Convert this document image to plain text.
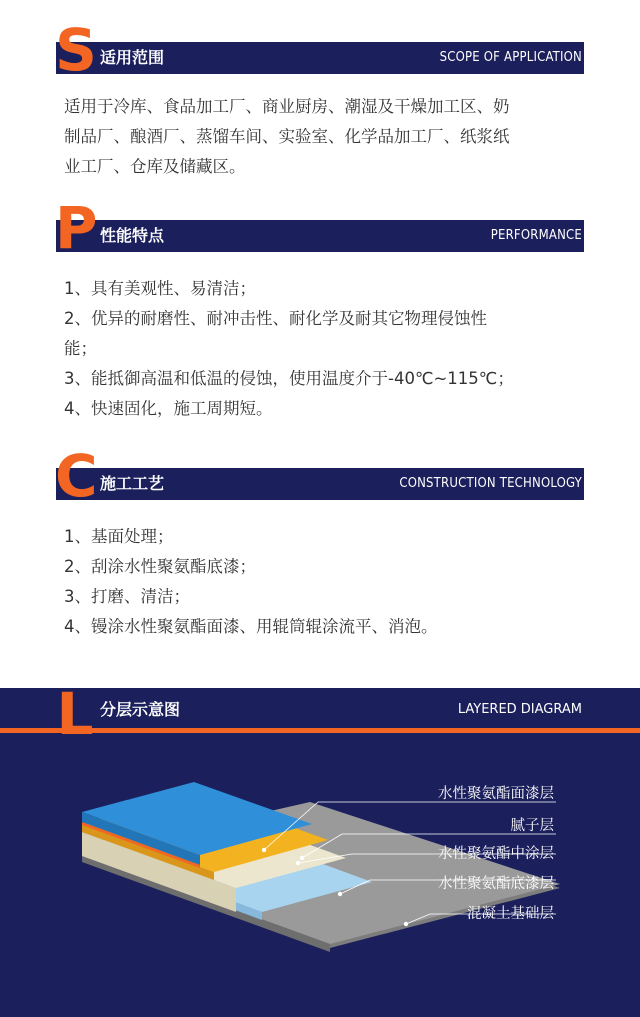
S 适用范围	SCOPE OF APPLICATION

适用于冷库、食品加工厂、商业厨房、潮湿及干燥加工区、奶

制品厂、酿酒厂、蒸馏车间、实验室、化学品加工厂、纸浆纸

业工厂、仓库及储藏区。

P 性能特点	PERFORMANCE

1、具有美观性、易清洁；

2、优异的耐磨性、耐冲击性、耐化学及耐其它物理侵蚀性

能；

3、能抵御高温和低温的侵蚀，使用温度介于-40℃~115℃；

4、快速固化，施工周期短。

C 施工工艺	CONSTRUCTION TECHNOLOGY

1、基面处理；

2、刮涂水性聚氨酯底漆；

3、打磨、清洁；

4、镘涂水性聚氨酯面漆、用辊筒辊涂流平、消泡。

L 分层示意图	LAYERED DIAGRAM
水性聚氨酯面漆层
腻子层
水性聚氨酯中涂层
水性聚氨酯底漆层
混凝土基础层
